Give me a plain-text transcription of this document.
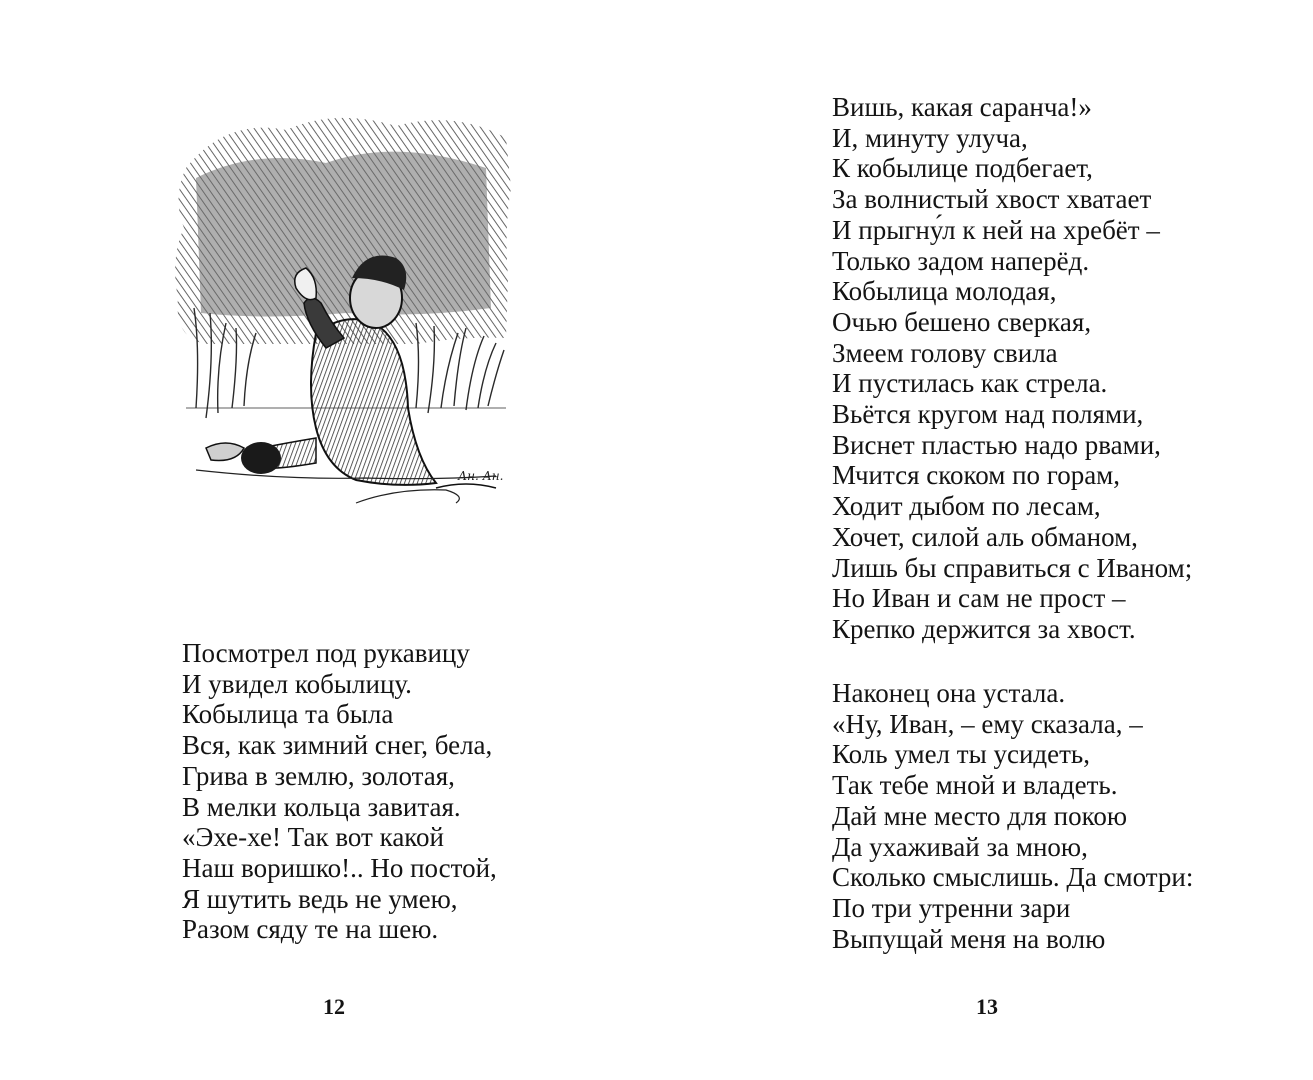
Ан. Ан.
Посмотрел под рукавицу
И увидел кобылицу.
Кобылица та была
Вся, как зимний снег, бела,
Грива в землю, золотая,
В мелки кольца завитая.
«Эхе-хе! Так вот какой
Наш воришко!.. Но постой,
Я шутить ведь не умею,
Разом сяду те на шею.
12
Вишь, какая саранча!»
И, минуту улуча,
К кобылице подбегает,
За волнистый хвост хватает
И прыгну́л к ней на хребёт –
Только задом наперёд.
Кобылица молодая,
Очью бешено сверкая,
Змеем голову свила
И пустилась как стрела.
Вьётся кругом над полями,
Виснет пластью надо рвами,
Мчится скоком по горам,
Ходит дыбом по лесам,
Хочет, силой аль обманом,
Лишь бы справиться с Иваном;
Но Иван и сам не прост –
Крепко держится за хвост.
Наконец она устала.
«Ну, Иван, – ему сказала, –
Коль умел ты усидеть,
Так тебе мной и владеть.
Дай мне место для покою
Да ухаживай за мною,
Сколько смыслишь. Да смотри:
По три утренни зари
Выпущай меня на волю
13
